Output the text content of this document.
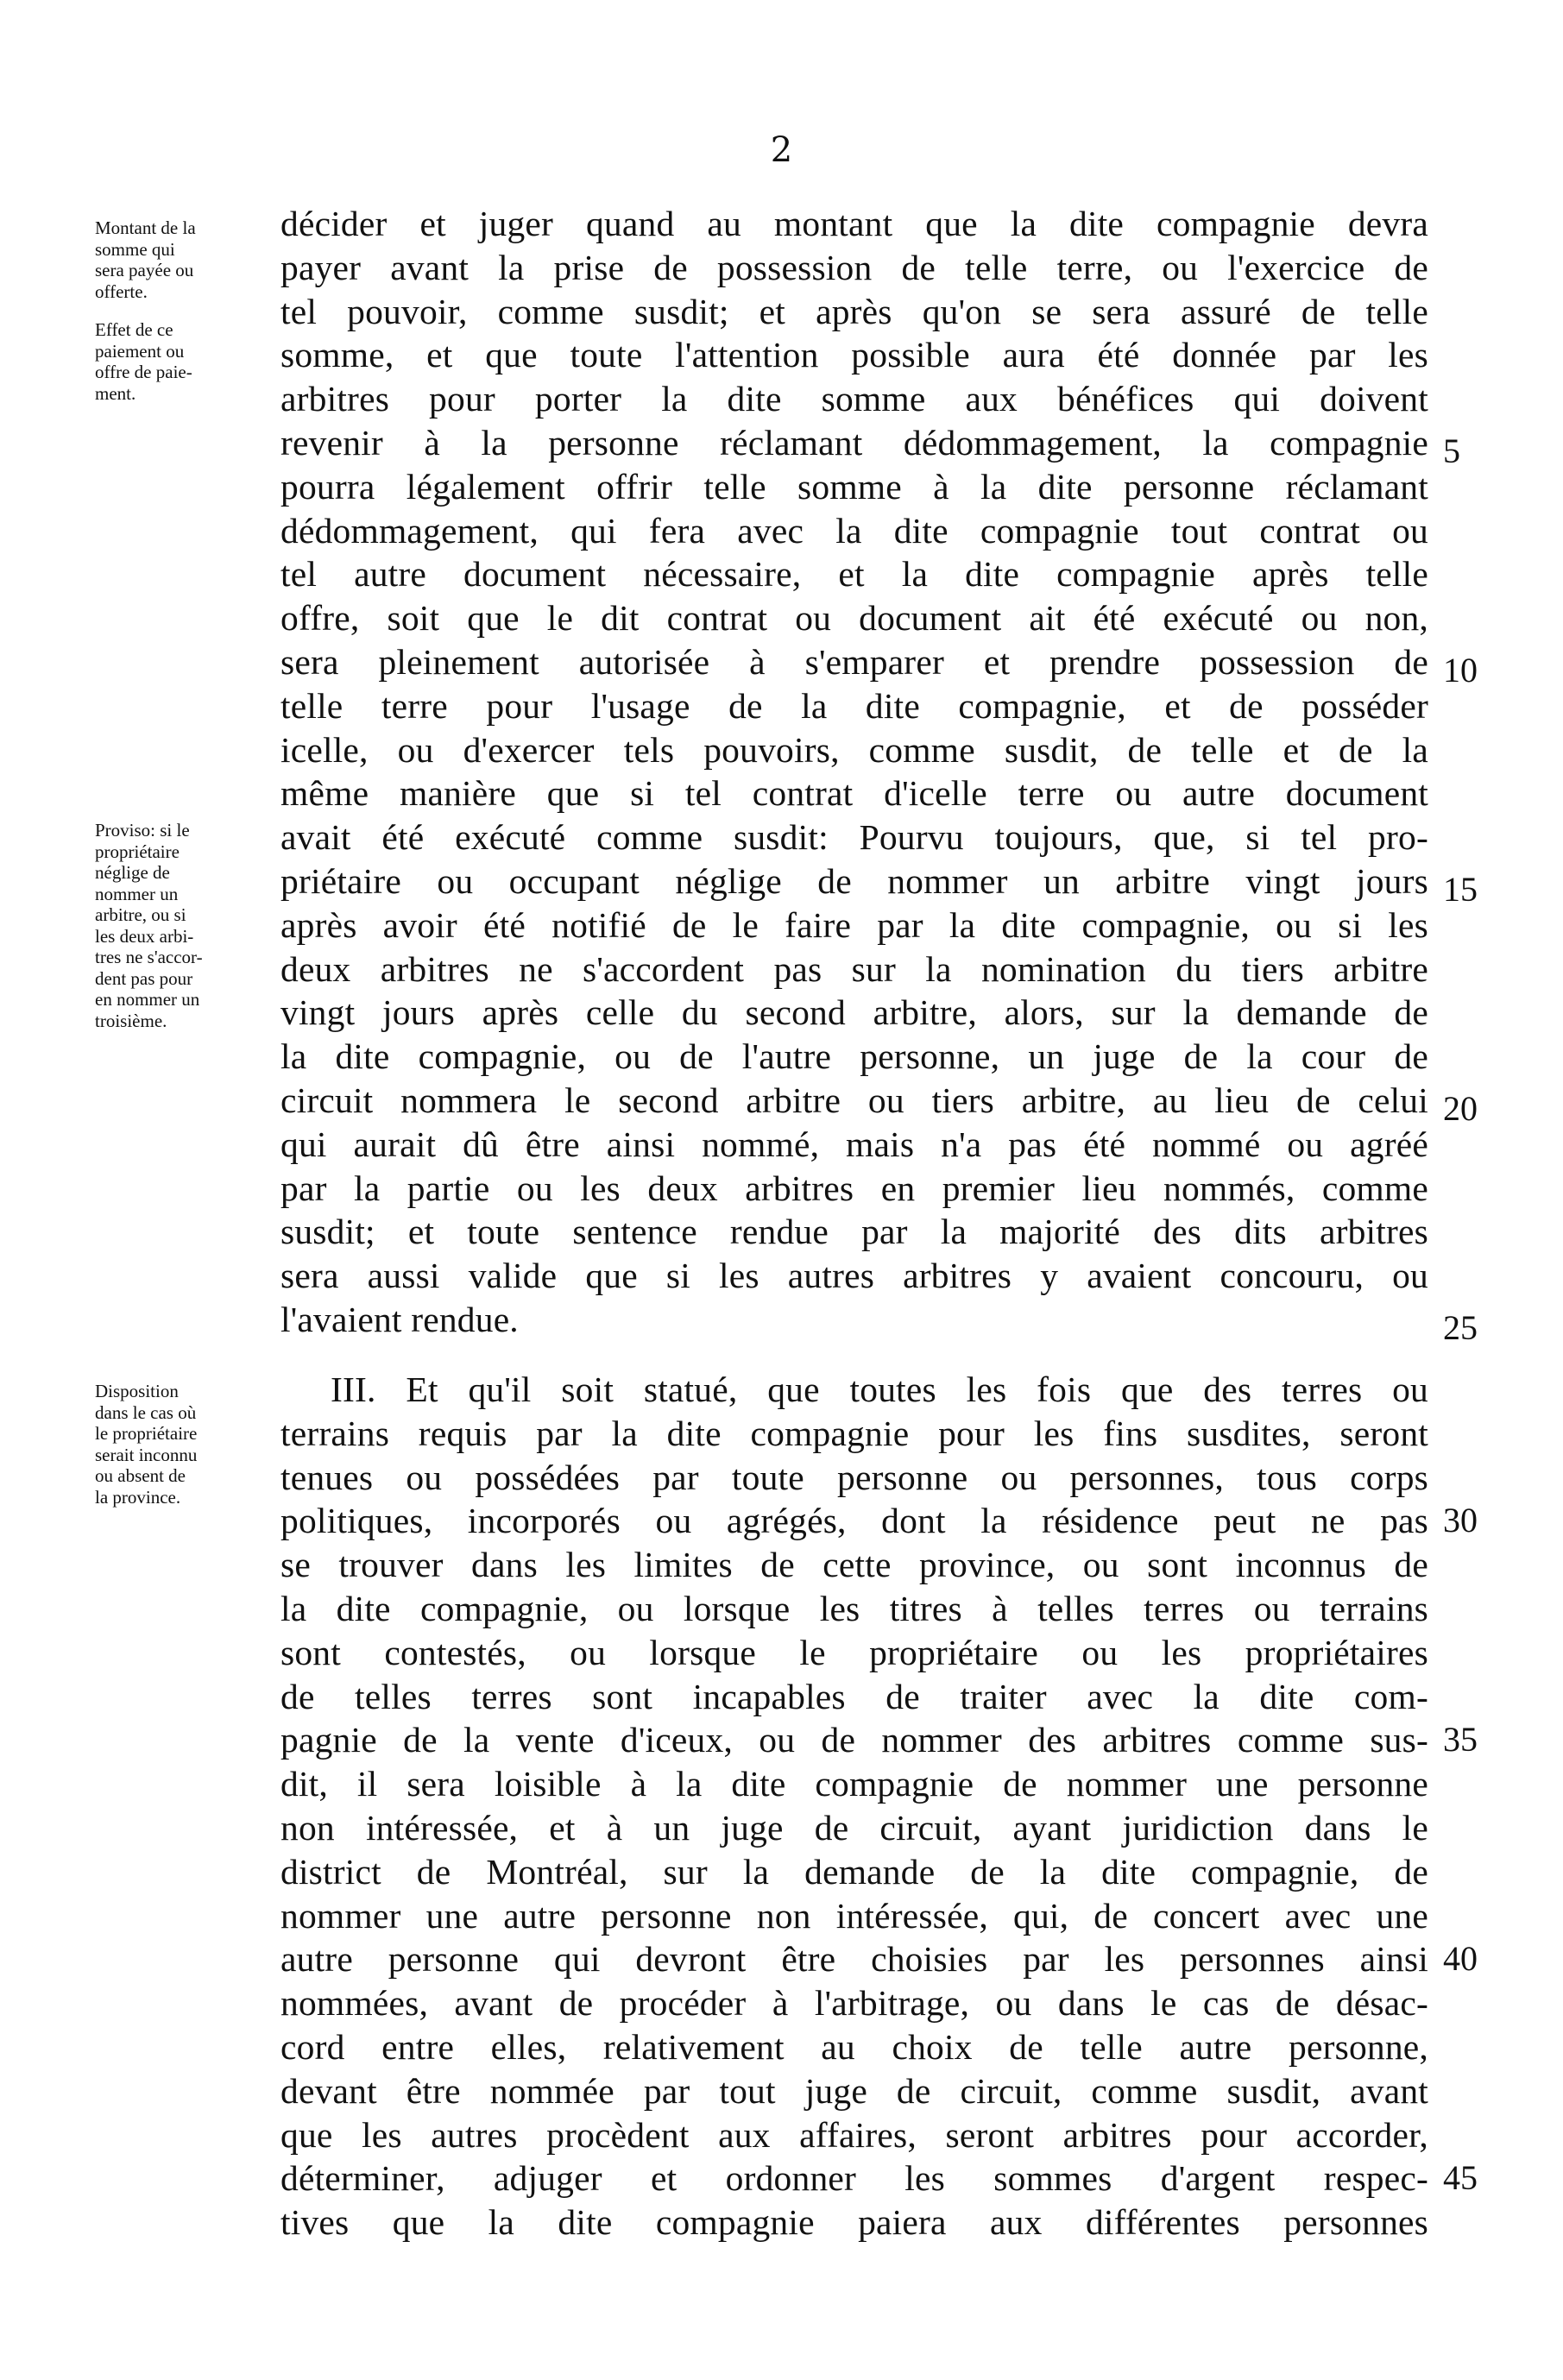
2
Montant de la
somme qui
sera payée ou
offerte.
Effet de ce
paiement ou
offre de paie-
ment.
Proviso: si le
propriétaire
néglige de
nommer un
arbitre, ou si
les deux arbi-
tres ne s'accor-
dent pas pour
en nommer un
troisième.
Disposition
dans le cas où
le propriétaire
serait inconnu
ou absent de
la province.
décider et juger quand au montant que la dite compagnie devra
payer avant la prise de possession de telle terre, ou l'exercice de
tel pouvoir, comme susdit; et après qu'on se sera assuré de telle
somme, et que toute l'attention possible aura été donnée par les
arbitres pour porter la dite somme aux bénéfices qui doivent
revenir à la personne réclamant dédommagement, la compagnie
pourra légalement offrir telle somme à la dite personne réclamant
dédommagement, qui fera avec la dite compagnie tout contrat ou
tel autre document nécessaire, et la dite compagnie après telle
offre, soit que le dit contrat ou document ait été exécuté ou non,
sera pleinement autorisée à s'emparer et prendre possession de
telle terre pour l'usage de la dite compagnie, et de posséder
icelle, ou d'exercer tels pouvoirs, comme susdit, de telle et de la
même manière que si tel contrat d'icelle terre ou autre document
avait été exécuté comme susdit: Pourvu toujours, que, si tel pro-
priétaire ou occupant néglige de nommer un arbitre vingt jours
après avoir été notifié de le faire par la dite compagnie, ou si les
deux arbitres ne s'accordent pas sur la nomination du tiers arbitre
vingt jours après celle du second arbitre, alors, sur la demande de
la dite compagnie, ou de l'autre personne, un juge de la cour de
circuit nommera le second arbitre ou tiers arbitre, au lieu de celui
qui aurait dû être ainsi nommé, mais n'a pas été nommé ou agréé
par la partie ou les deux arbitres en premier lieu nommés, comme
susdit; et toute sentence rendue par la majorité des dits arbitres
sera aussi valide que si les autres arbitres y avaient concouru, ou
l'avaient rendue.
III. Et qu'il soit statué, que toutes les fois que des terres ou
terrains requis par la dite compagnie pour les fins susdites, seront
tenues ou possédées par toute personne ou personnes, tous corps
politiques, incorporés ou agrégés, dont la résidence peut ne pas
se trouver dans les limites de cette province, ou sont inconnus de
la dite compagnie, ou lorsque les titres à telles terres ou terrains
sont contestés, ou lorsque le propriétaire ou les propriétaires
de telles terres sont incapables de traiter avec la dite com-
pagnie de la vente d'iceux, ou de nommer des arbitres comme sus-
dit, il sera loisible à la dite compagnie de nommer une personne
non intéressée, et à un juge de circuit, ayant juridiction dans le
district de Montréal, sur la demande de la dite compagnie, de
nommer une autre personne non intéressée, qui, de concert avec une
autre personne qui devront être choisies par les personnes ainsi
nommées, avant de procéder à l'arbitrage, ou dans le cas de désac-
cord entre elles, relativement au choix de telle autre personne,
devant être nommée par tout juge de circuit, comme susdit, avant
que les autres procèdent aux affaires, seront arbitres pour accorder,
déterminer, adjuger et ordonner les sommes d'argent respec-
tives que la dite compagnie paiera aux différentes personnes
5
10
15
20
25
30
35
40
45
